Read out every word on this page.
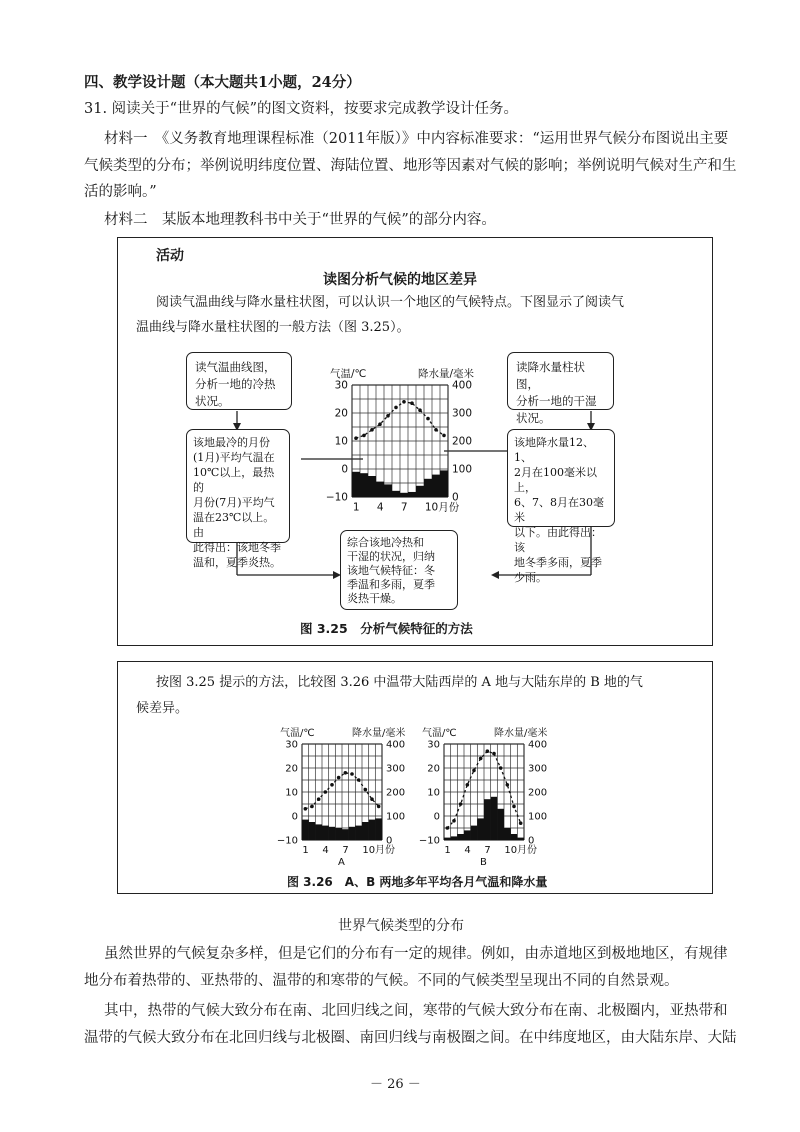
四、教学设计题（本大题共1小题，24分）
31. 阅读关于“世界的气候”的图文资料，按要求完成教学设计任务。
材料一　《义务教育地理课程标准（2011年版）》中内容标准要求：“运用世界气候分布图说出主要
气候类型的分布；举例说明纬度位置、海陆位置、地形等因素对气候的影响；举例说明气候对生产和生
活的影响。”
材料二　某版本地理教科书中关于“世界的气候”的部分内容。
活动
读图分析气候的地区差异
阅读气温曲线与降水量柱状图，可以认识一个地区的气候特点。下图显示了阅读气
温曲线与降水量柱状图的一般方法（图 3.25）。
读气温曲线图，
分析一地的冷热
状况。
该地最冷的月份
(1月)平均气温在
10℃以上，最热的
月份(7月)平均气
温在23℃以上。由
此得出：该地冬季
温和，夏季炎热。
读降水量柱状图，
分析一地的干湿
状况。
该地降水量12、1、
2月在100毫米以上，
6、7、8月在30毫米
以下。由此得出：该
地冬季多雨，夏季
少雨。
综合该地冷热和
干湿的状况，归纳
该地气候特征：冬
季温和多雨，夏季
炎热干燥。
气温/℃	降水量/毫米
30
20
10
0
−10
400
300
200
100
0
1 4 7 10月份
图 3.25　分析气候特征的方法
按图 3.25 提示的方法，比较图 3.26 中温带大陆西岸的 A 地与大陆东岸的 B 地的气
候差异。
气温/℃	降水量/毫米
30
20
10
0
−10
400
300
200
100
0
1 4 7 10月份
A
气温/℃	降水量/毫米
30
20
10
0
−10
400
300
200
100
0
1 4 7 10月份
B
图 3.26　A、B 两地多年平均各月气温和降水量
世界气候类型的分布
虽然世界的气候复杂多样，但是它们的分布有一定的规律。例如，由赤道地区到极地地区，有规律
地分布着热带的、亚热带的、温带的和寒带的气候。不同的气候类型呈现出不同的自然景观。
其中，热带的气候大致分布在南、北回归线之间，寒带的气候大致分布在南、北极圈内，亚热带和
温带的气候大致分布在北回归线与北极圈、南回归线与南极圈之间。在中纬度地区，由大陆东岸、大陆
－ 26 －
